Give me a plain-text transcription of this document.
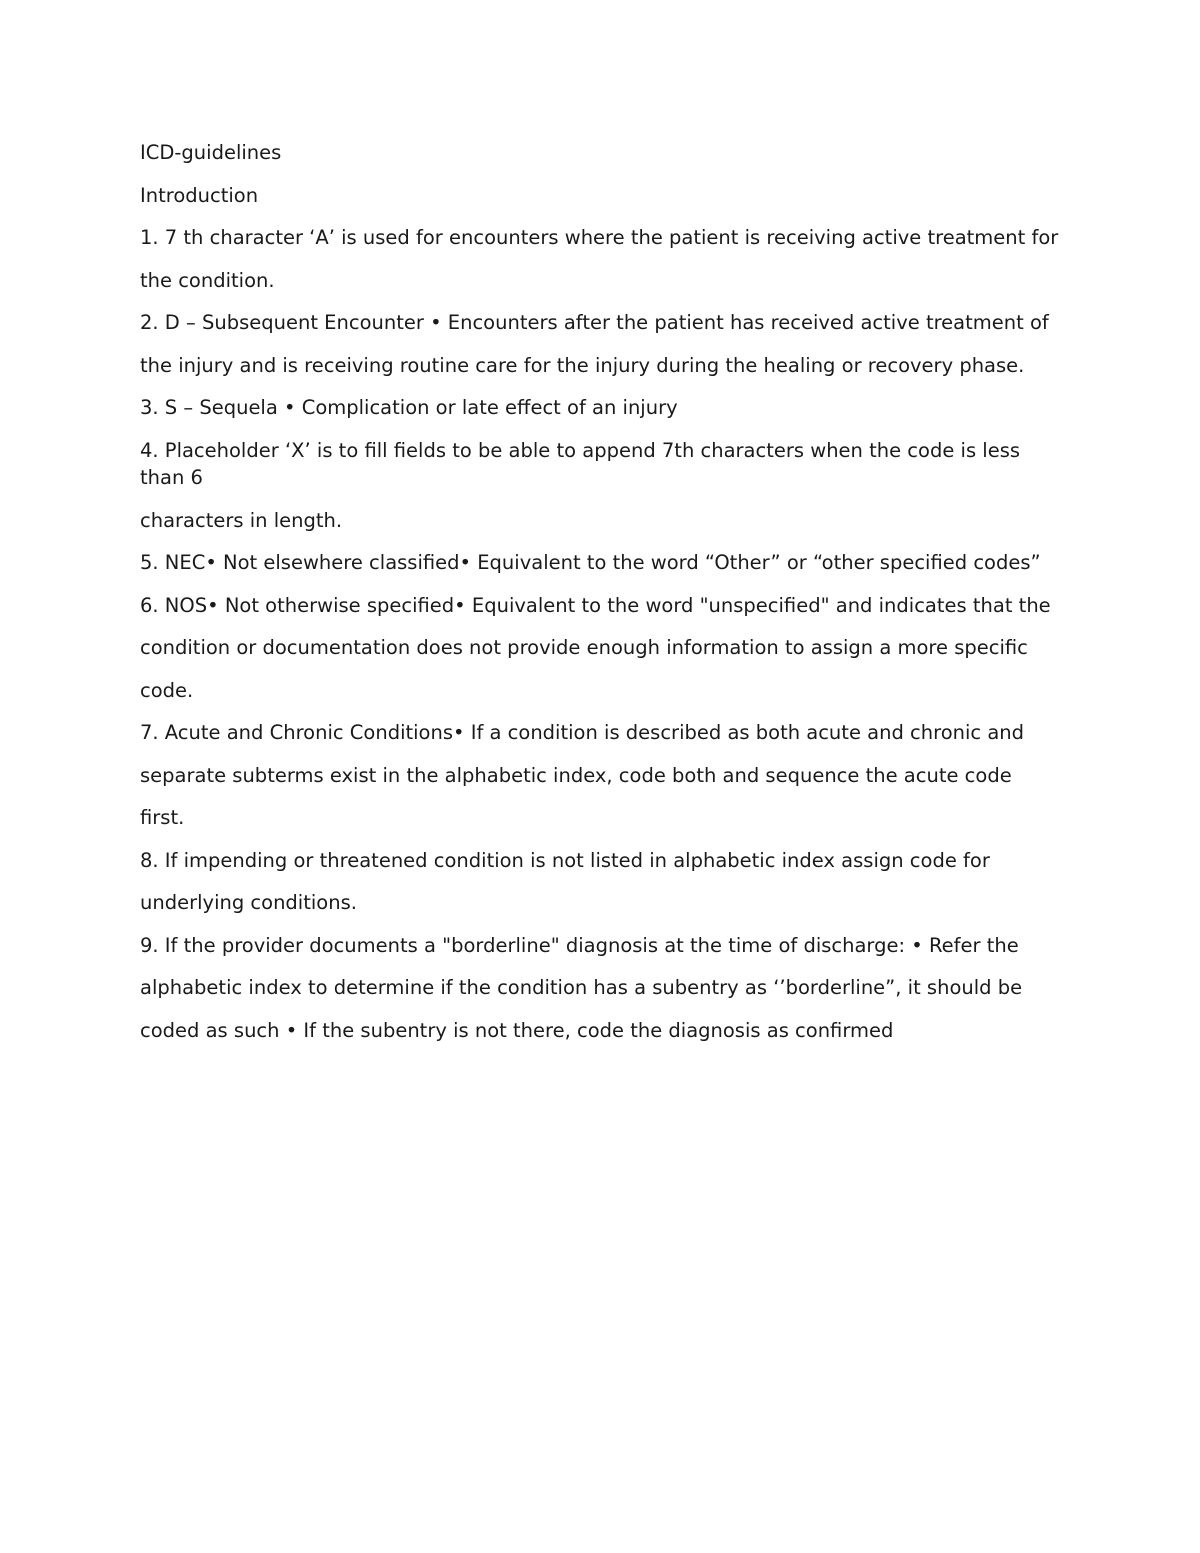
ICD-guidelines

Introduction

1. 7 th character ‘A’ is used for encounters where the patient is receiving active treatment for

the condition.

2. D – Subsequent Encounter • Encounters after the patient has received active treatment of

the injury and is receiving routine care for the injury during the healing or recovery phase.

3. S – Sequela • Complication or late effect of an injury

4. Placeholder ‘X’ is to fill fields to be able to append 7th characters when the code is less than 6

characters in length.

5. NEC• Not elsewhere classified• Equivalent to the word “Other” or “other specified codes”

6. NOS• Not otherwise specified• Equivalent to the word "unspecified" and indicates that the

condition or documentation does not provide enough information to assign a more specific

code.

7. Acute and Chronic Conditions• If a condition is described as both acute and chronic and

separate subterms exist in the alphabetic index, code both and sequence the acute code

first.

8. If impending or threatened condition is not listed in alphabetic index assign code for

underlying conditions.

9. If the provider documents a "borderline" diagnosis at the time of discharge: • Refer the

alphabetic index to determine if the condition has a subentry as ‘’borderline”, it should be

coded as such • If the subentry is not there, code the diagnosis as confirmed
